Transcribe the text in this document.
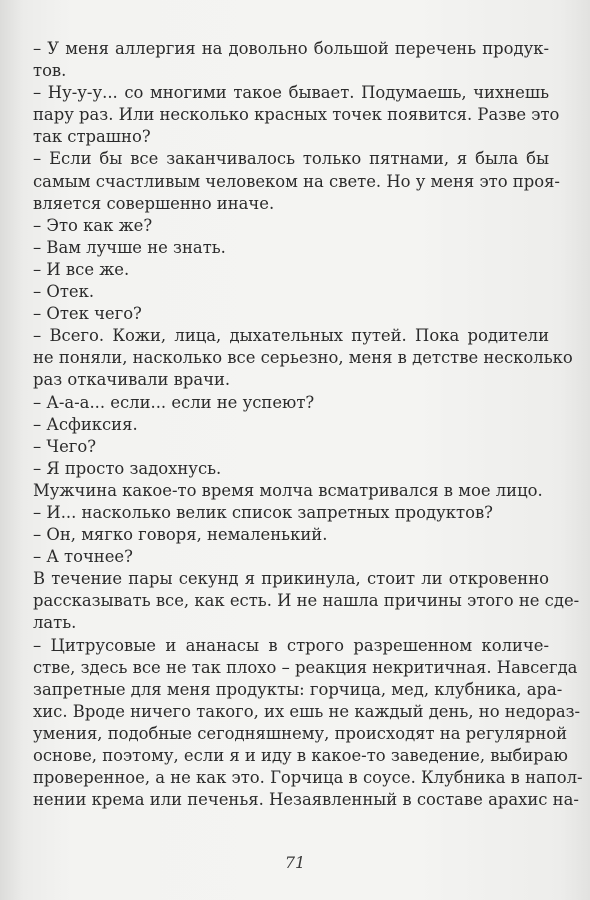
– У меня аллергия на довольно большой перечень продук-
тов.
– Ну-у-у... со многими такое бывает. Подумаешь, чихнешь
пару раз. Или несколько красных точек появится. Разве это
так страшно?
– Если бы все заканчивалось только пятнами, я была бы
самым счастливым человеком на свете. Но у меня это проя-
вляется совершенно иначе.
– Это как же?
– Вам лучше не знать.
– И все же.
– Отек.
– Отек чего?
– Всего. Кожи, лица, дыхательных путей. Пока родители
не поняли, насколько все серьезно, меня в детстве несколько
раз откачивали врачи.
– А-а-а... если... если не успеют?
– Асфиксия.
– Чего?
– Я просто задохнусь.
Мужчина какое-то время молча всматривался в мое лицо.
– И... насколько велик список запретных продуктов?
– Он, мягко говоря, немаленький.
– А точнее?
В течение пары секунд я прикинула, стоит ли откровенно
рассказывать все, как есть. И не нашла причины этого не сде-
лать.
– Цитрусовые и ананасы в строго разрешенном количе-
стве, здесь все не так плохо – реакция некритичная. Навсегда
запретные для меня продукты: горчица, мед, клубника, ара-
хис. Вроде ничего такого, их ешь не каждый день, но недораз-
умения, подобные сегодняшнему, происходят на регулярной
основе, поэтому, если я и иду в какое-то заведение, выбираю
проверенное, а не как это. Горчица в соусе. Клубника в напол-
нении крема или печенья. Незаявленный в составе арахис на-
71
